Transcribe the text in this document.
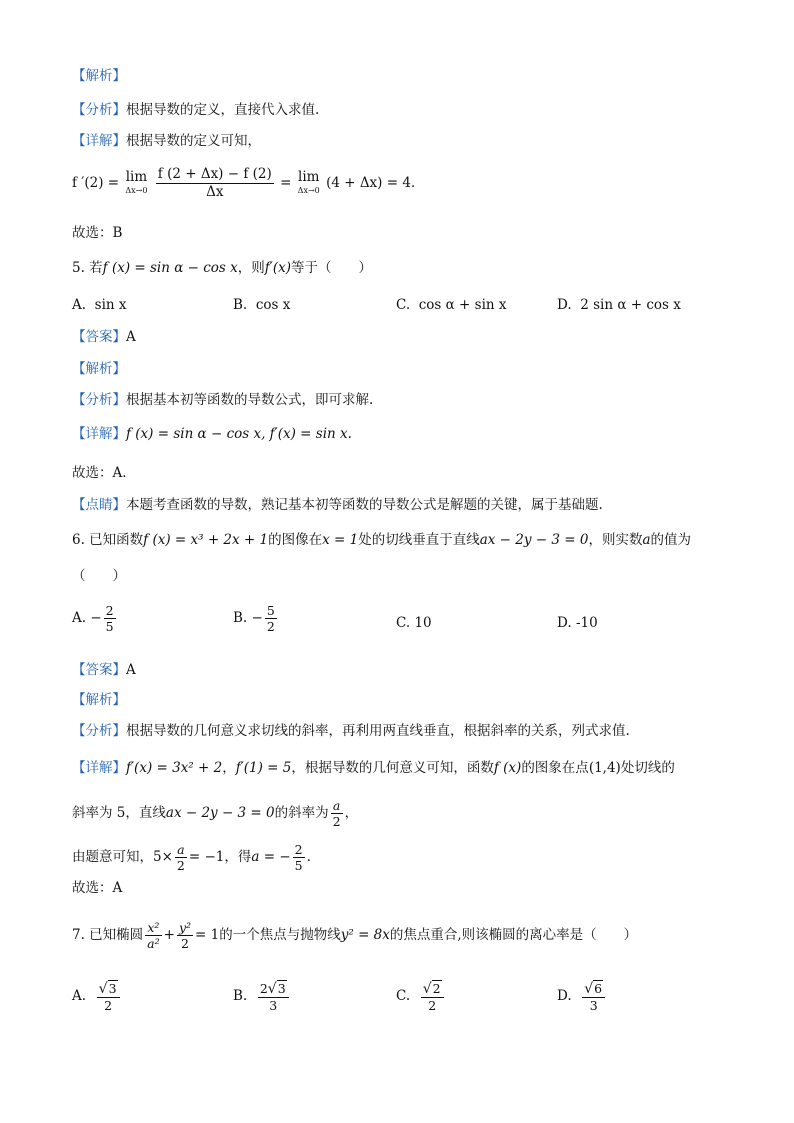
【解析】
【分析】根据导数的定义，直接代入求值.
【详解】根据导数的定义可知，
f ′(2) = lim
Δx→0
$\frac{f (2 + \Delta x) - f (2)}{\Delta x} = \lim$
Δx→0 (4 + Δx) = 4.
故选：B
5. 若f (x) = sin α − cos x，则f′(x)等于（　　）
A. sin x	B. cos x	C. cos α + sin x	D. 2 sin α + cos x
【答案】A
【解析】
【分析】根据基本初等函数的导数公式，即可求解.
【详解】f (x) = sin α − cos x, f′(x) = sin x.
故选：A.
【点睛】本题考查函数的导数，熟记基本初等函数的导数公式是解题的关键，属于基础题.
6. 已知函数f (x) = x³ + 2x + 1的图像在x = 1处的切线垂直于直线ax − 2y − 3 = 0，则实数a的值为
（　　）
A. − $\frac{2}{5}$	B. − $\frac{5}{2}$	C. 10	D. -10
【答案】A
【解析】
【分析】根据导数的几何意义求切线的斜率，再利用两直线垂直，根据斜率的关系，列式求值.
【详解】f′(x) = 3x² + 2，f′(1) = 5，根据导数的几何意义可知，函数f (x)的图象在点(1,4)处切线的
斜率为 5，直线ax − 2y − 3 = 0的斜率为 $\frac{a}{2}$ ，
由题意可知，$5\times \frac{a}{2} = -1$，得a = − $\frac{2}{5}$ .
故选：A
7. 已知椭圆 $\frac{\text{x²}}{\text{a²}} + \frac{\text{y²}}{2} = 1$的一个焦点与抛物线y² = 8x的焦点重合,则该椭圆的离心率是（　　）
A. $\frac{√3}{2}$	B. $\frac{2√3}{3}$	C. $\frac{√2}{2}$	D. $\frac{√6}{3}$
